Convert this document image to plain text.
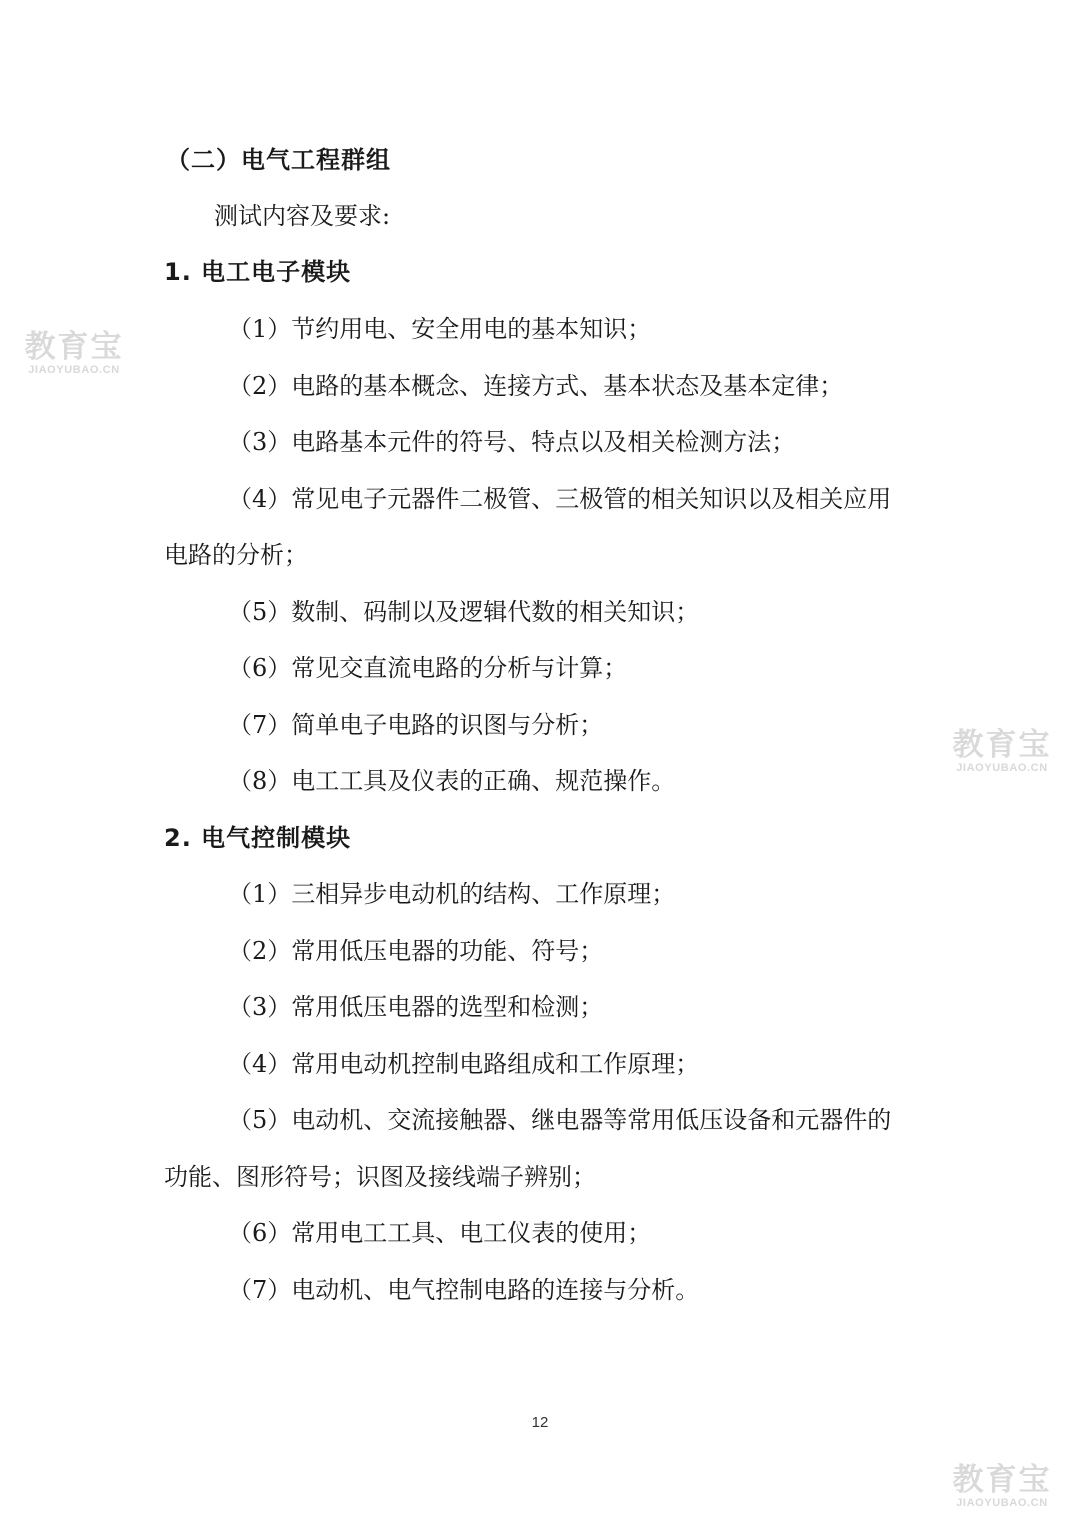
（二）电气工程群组
测试内容及要求:
1. 电工电子模块
（1）节约用电、安全用电的基本知识；
（2）电路的基本概念、连接方式、基本状态及基本定律；
（3）电路基本元件的符号、特点以及相关检测方法；
（4）常见电子元器件二极管、三极管的相关知识以及相关应用
电路的分析；
（5）数制、码制以及逻辑代数的相关知识；
（6）常见交直流电路的分析与计算；
（7）简单电子电路的识图与分析；
（8）电工工具及仪表的正确、规范操作。
2. 电气控制模块
（1）三相异步电动机的结构、工作原理；
（2）常用低压电器的功能、符号；
（3）常用低压电器的选型和检测；
（4）常用电动机控制电路组成和工作原理；
（5）电动机、交流接触器、继电器等常用低压设备和元器件的
功能、图形符号；识图及接线端子辨别；
（6）常用电工工具、电工仪表的使用；
（7）电动机、电气控制电路的连接与分析。
12
教育宝
JIAOYUBAO.CN
教育宝
JIAOYUBAO.CN
教育宝
JIAOYUBAO.CN
